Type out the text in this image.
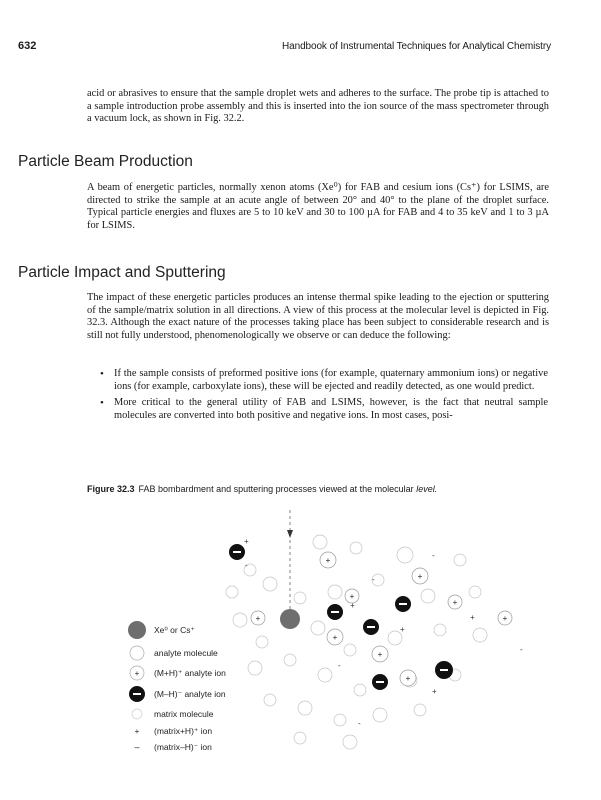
632	Handbook of Instrumental Techniques for Analytical Chemistry

acid or abrasives to ensure that the sample droplet wets and adheres to the surface. The probe tip is attached to a sample introduction probe assembly and this is inserted into the ion source of the mass spectrometer through a vacuum lock, as shown in Fig. 32.2.

Particle Beam Production

A beam of energetic particles, normally xenon atoms (Xe⁰) for FAB and cesium ions (Cs⁺) for LSIMS, are directed to strike the sample at an acute angle of between 20° and 40° to the plane of the droplet surface. Typical particle energies and fluxes are 5 to 10 keV and 30 to 100 µA for FAB and 4 to 35 keV and 1 to 3 µA for LSIMS.

Particle Impact and Sputtering

The impact of these energetic particles produces an intense thermal spike leading to the ejection or sputtering of the sample/matrix solution in all directions. A view of this process at the molecular level is depicted in Fig. 32.3. Although the exact nature of the processes taking place has been subject to considerable research and is still not fully understood, phenomenologically we observe or can deduce the following:

• If the sample consists of preformed positive ions (for example, quaternary ammonium ions) or negative ions (for example, carboxylate ions), these will be ejected and readily detected, as one would predict.
• More critical to the general utility of FAB and LSIMS, however, is the fact that neutral sample molecules are converted into both positive and negative ions. In most cases, posi-
Figure 32.3 FAB bombardment and sputtering processes viewed at the molecular level.
+
+
+
+
+
+
+
+
+
+
-
+
-
-
+
+
-
-
+
-
Xe⁰ or Cs⁺
analyte molecule
+ (M+H)⁺ analyte ion
(M–H)⁻ analyte ion
matrix molecule
+ (matrix+H)⁺ ion
– (matrix–H)⁻ ion
